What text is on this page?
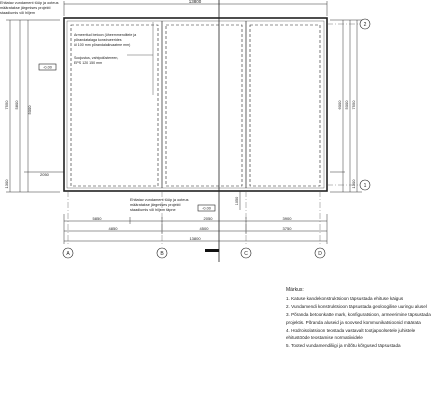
13800
Ehitatav vundament tüüp ja ooteus määratakse järgmises projekti staadiumis või hiljem
7550 5800
5000
2050
1300
-0.00
Armeeritud betoon (üheemmenditele ja põrandatalaga konstrueerides ül 100 mm põrandalaikvaatme mm)
Soojustus, vahtpolüstereen, EPS 120 150 mm
6000 5000 7550
1300
2
1
1050
Ehitatav vundament tüüp ja ooteus määratakse järgmises projekti staadiumis või hiljem täpne	-0.00
5850	2050	3900
4850	4500	3750
13800
A	B	C	D
Märkus:
1. Katuse kandekonstruktsioon täpsustada ehituse käigus
2. Vundamendi konstruktsioon täpsustada geoloogilise uuringu alusel
3. Põranda betoonkatte mark, konfiguratsioon, armeerimine täpsustada
projektis. Põranda aluseid ja soovsed kommunikatsioonid määrata
4. Hüdroisolatsioon teostada vastavalt tootjapoolsetele juhistele
ehitustööde teostamise normatiividele
5. Tooted vundamendiliigi ja mõõtu kõrgused täpsustada
